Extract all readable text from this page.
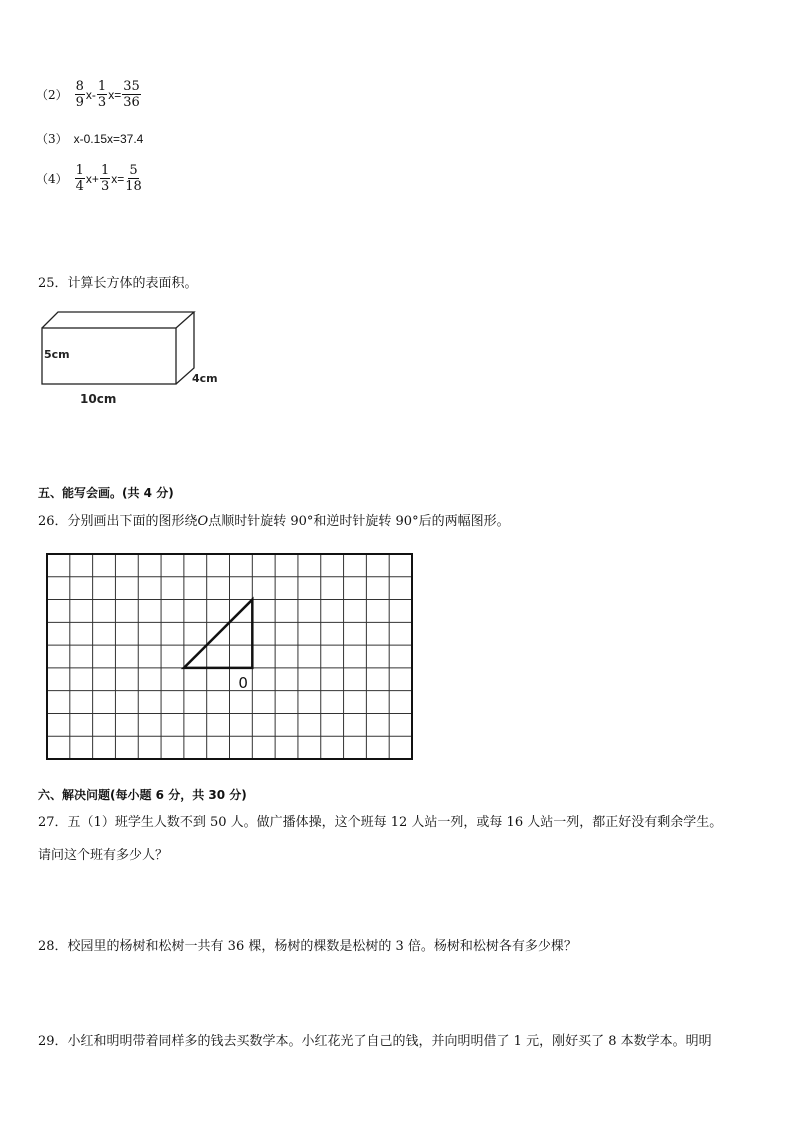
$(2) \frac{8}{9} x- \frac{1}{3} x= \frac{35}{36}$
（3） x-0.15x=37.4
$(4) \frac{1}{4} x+ \frac{1}{3} x= \frac{5}{18}$
25．计算长方体的表面积。
5cm
4cm
10cm
五、能写会画。(共 4 分)
26．分别画出下面的图形绕O点顺时针旋转 90°和逆时针旋转 90°后的两幅图形。
0
六、解决问题(每小题 6 分，共 30 分)
27．五（1）班学生人数不到 50 人。做广播体操，这个班每 12 人站一列，或每 16 人站一列，都正好没有剩余学生。
请问这个班有多少人？
28．校园里的杨树和松树一共有 36 棵，杨树的棵数是松树的 3 倍。杨树和松树各有多少棵？
29．小红和明明带着同样多的钱去买数学本。小红花光了自己的钱，并向明明借了 1 元，刚好买了 8 本数学本。明明
